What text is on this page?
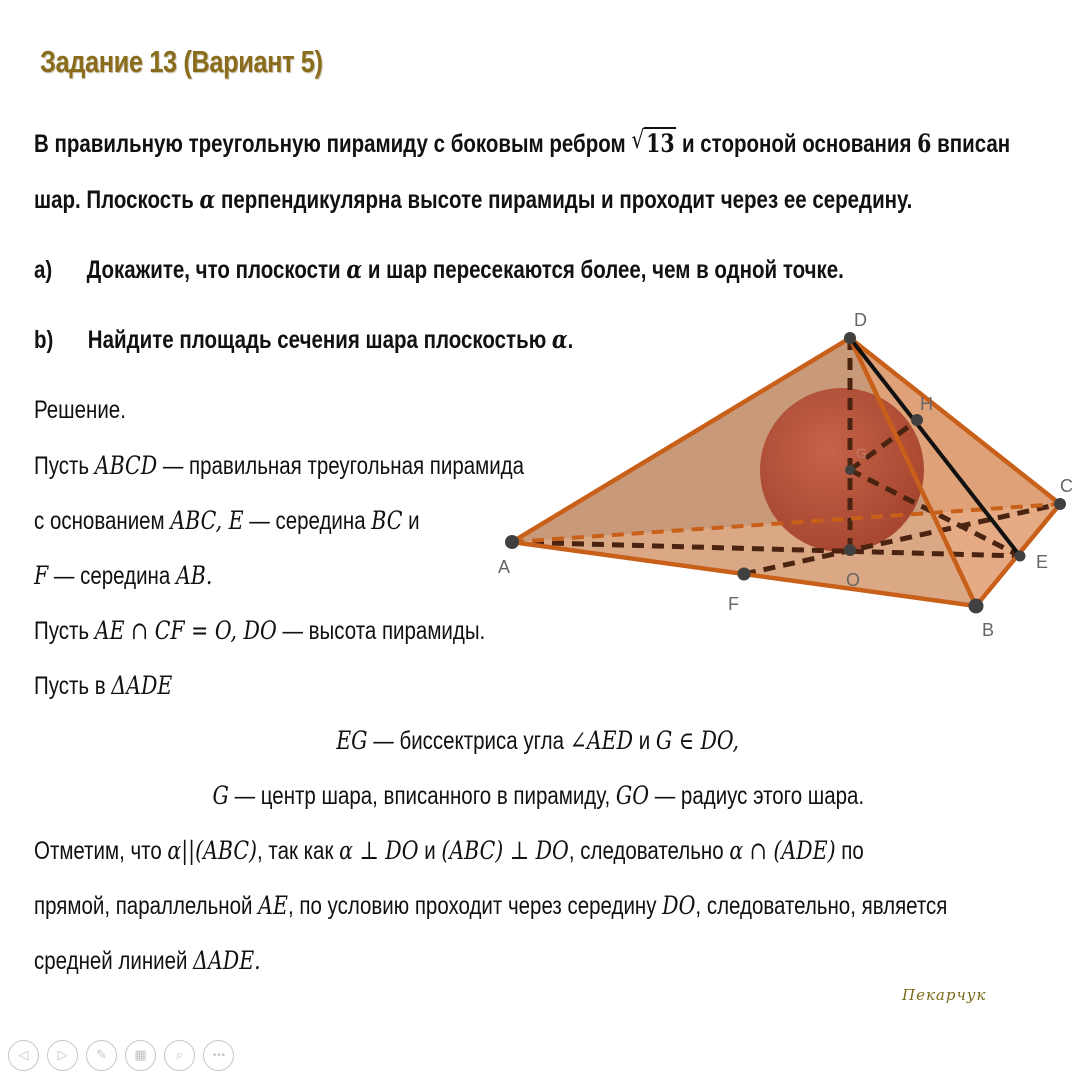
Задание 13 (Вариант 5)
В правильную треугольную пирамиду с боковым ребром √ 13 и стороной основания 6 вписан
шар. Плоскость α перпендикулярна высоте пирамиды и проходит через ее середину.
a) Докажите, что плоскости α и шар пересекаются более, чем в одной точке.
b) Найдите площадь сечения шара плоскостью α.
A
B
C
D
E
F
O
H
G
Решение.
Пусть ABCD — правильная треугольная пирамида
с основанием ABC, E — середина BC и
F — середина AB.
Пусть AE ∩ CF = O, DO — высота пирамиды.
Пусть в ΔADE
EG — биссектриса угла ∠AED и G ∈ DO,
G — центр шара, вписанного в пирамиду, GO — радиус этого шара.
Отметим, что α||(ABC), так как α ⊥ DO и (ABC) ⊥ DO, следовательно α ∩ (ADE) по
прямой, параллельной AE, по условию проходит через середину DO, следовательно, является
средней линией ΔADE.
Пекарчук
◁ ▷ ✎ ▦ ⌕	•••
